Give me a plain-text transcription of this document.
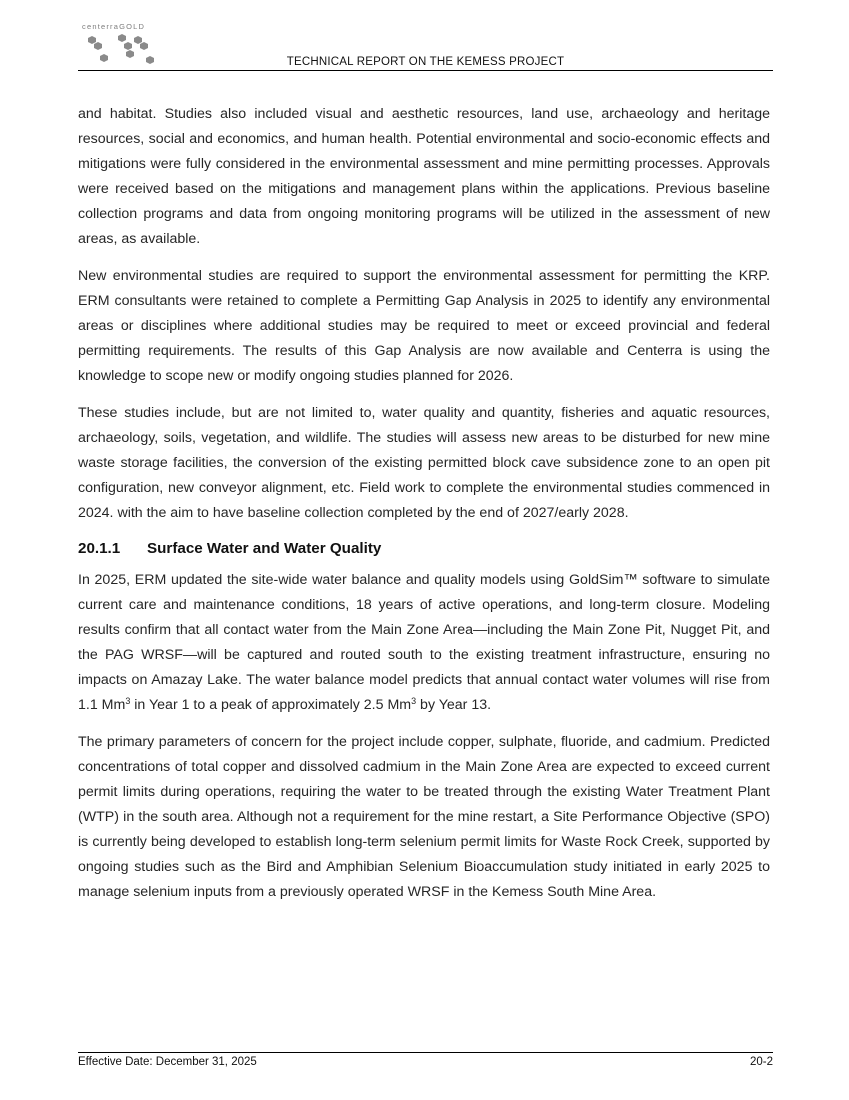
centerraGOLD
TECHNICAL REPORT ON THE KEMESS PROJECT

and habitat. Studies also included visual and aesthetic resources, land use, archaeology and heritage resources, social and economics, and human health. Potential environmental and socio-economic effects and mitigations were fully considered in the environmental assessment and mine permitting processes. Approvals were received based on the mitigations and management plans within the applications. Previous baseline collection programs and data from ongoing monitoring programs will be utilized in the assessment of new areas, as available.

New environmental studies are required to support the environmental assessment for permitting the KRP. ERM consultants were retained to complete a Permitting Gap Analysis in 2025 to identify any environmental areas or disciplines where additional studies may be required to meet or exceed provincial and federal permitting requirements. The results of this Gap Analysis are now available and Centerra is using the knowledge to scope new or modify ongoing studies planned for 2026.

These studies include, but are not limited to, water quality and quantity, fisheries and aquatic resources, archaeology, soils, vegetation, and wildlife. The studies will assess new areas to be disturbed for new mine waste storage facilities, the conversion of the existing permitted block cave subsidence zone to an open pit configuration, new conveyor alignment, etc. Field work to complete the environmental studies commenced in 2024. with the aim to have baseline collection completed by the end of 2027/early 2028.

20.1.1	Surface Water and Water Quality

In 2025, ERM updated the site-wide water balance and quality models using GoldSim™ software to simulate current care and maintenance conditions, 18 years of active operations, and long-term closure. Modeling results confirm that all contact water from the Main Zone Area—including the Main Zone Pit, Nugget Pit, and the PAG WRSF—will be captured and routed south to the existing treatment infrastructure, ensuring no impacts on Amazay Lake. The water balance model predicts that annual contact water volumes will rise from 1.1 Mm$^3$ in Year 1 to a peak of approximately 2.5 Mm$^3$ by Year 13.

The primary parameters of concern for the project include copper, sulphate, fluoride, and cadmium. Predicted concentrations of total copper and dissolved cadmium in the Main Zone Area are expected to exceed current permit limits during operations, requiring the water to be treated through the existing Water Treatment Plant (WTP) in the south area. Although not a requirement for the mine restart, a Site Performance Objective (SPO) is currently being developed to establish long-term selenium permit limits for Waste Rock Creek, supported by ongoing studies such as the Bird and Amphibian Selenium Bioaccumulation study initiated in early 2025 to manage selenium inputs from a previously operated WRSF in the Kemess South Mine Area.

Effective Date: December 31, 2025	20-2
